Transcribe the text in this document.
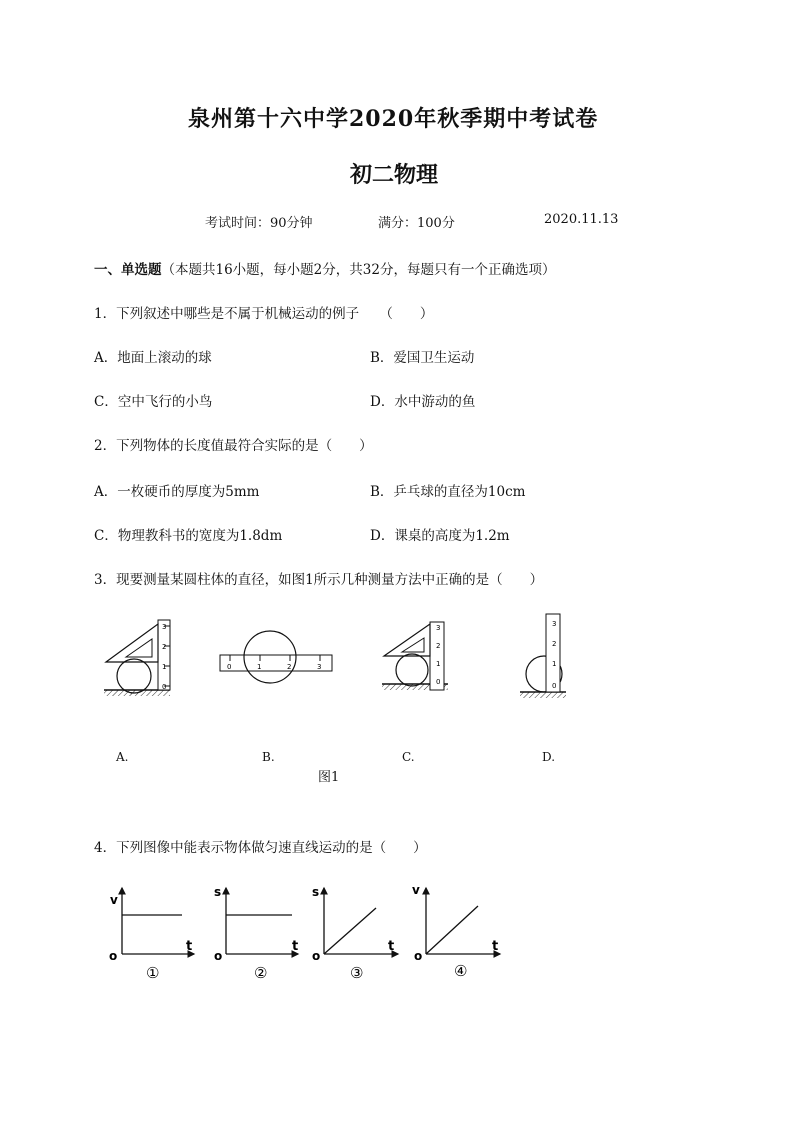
泉州第十六中学2020年秋季期中考试卷
初二物理
考试时间：90分钟	满分：100分	2020.11.13
一、单选题（本题共16小题，每小题2分，共32分，每题只有一个正确选项）
1．下列叙述中哪些是不属于机械运动的例子　　（　　）
A．地面上滚动的球	B．爱国卫生运动
C．空中飞行的小鸟	D．水中游动的鱼
2．下列物体的长度值最符合实际的是（　　）
A．一枚硬币的厚度为5mm	B．乒乓球的直径为10cm
C．物理教科书的宽度为1.8dm	D．课桌的高度为1.2m
3．现要测量某圆柱体的直径，如图1所示几种测量方法中正确的是（　　）
3
2
1
0
0	1	2	3
3
2
1
0
3
2
1
0
A.	B.	C.	D.
图1
4．下列图像中能表示物体做匀速直线运动的是（　　）
v
t
o
①
s
t
o
②
s
t
o
③
v
t
o
④
